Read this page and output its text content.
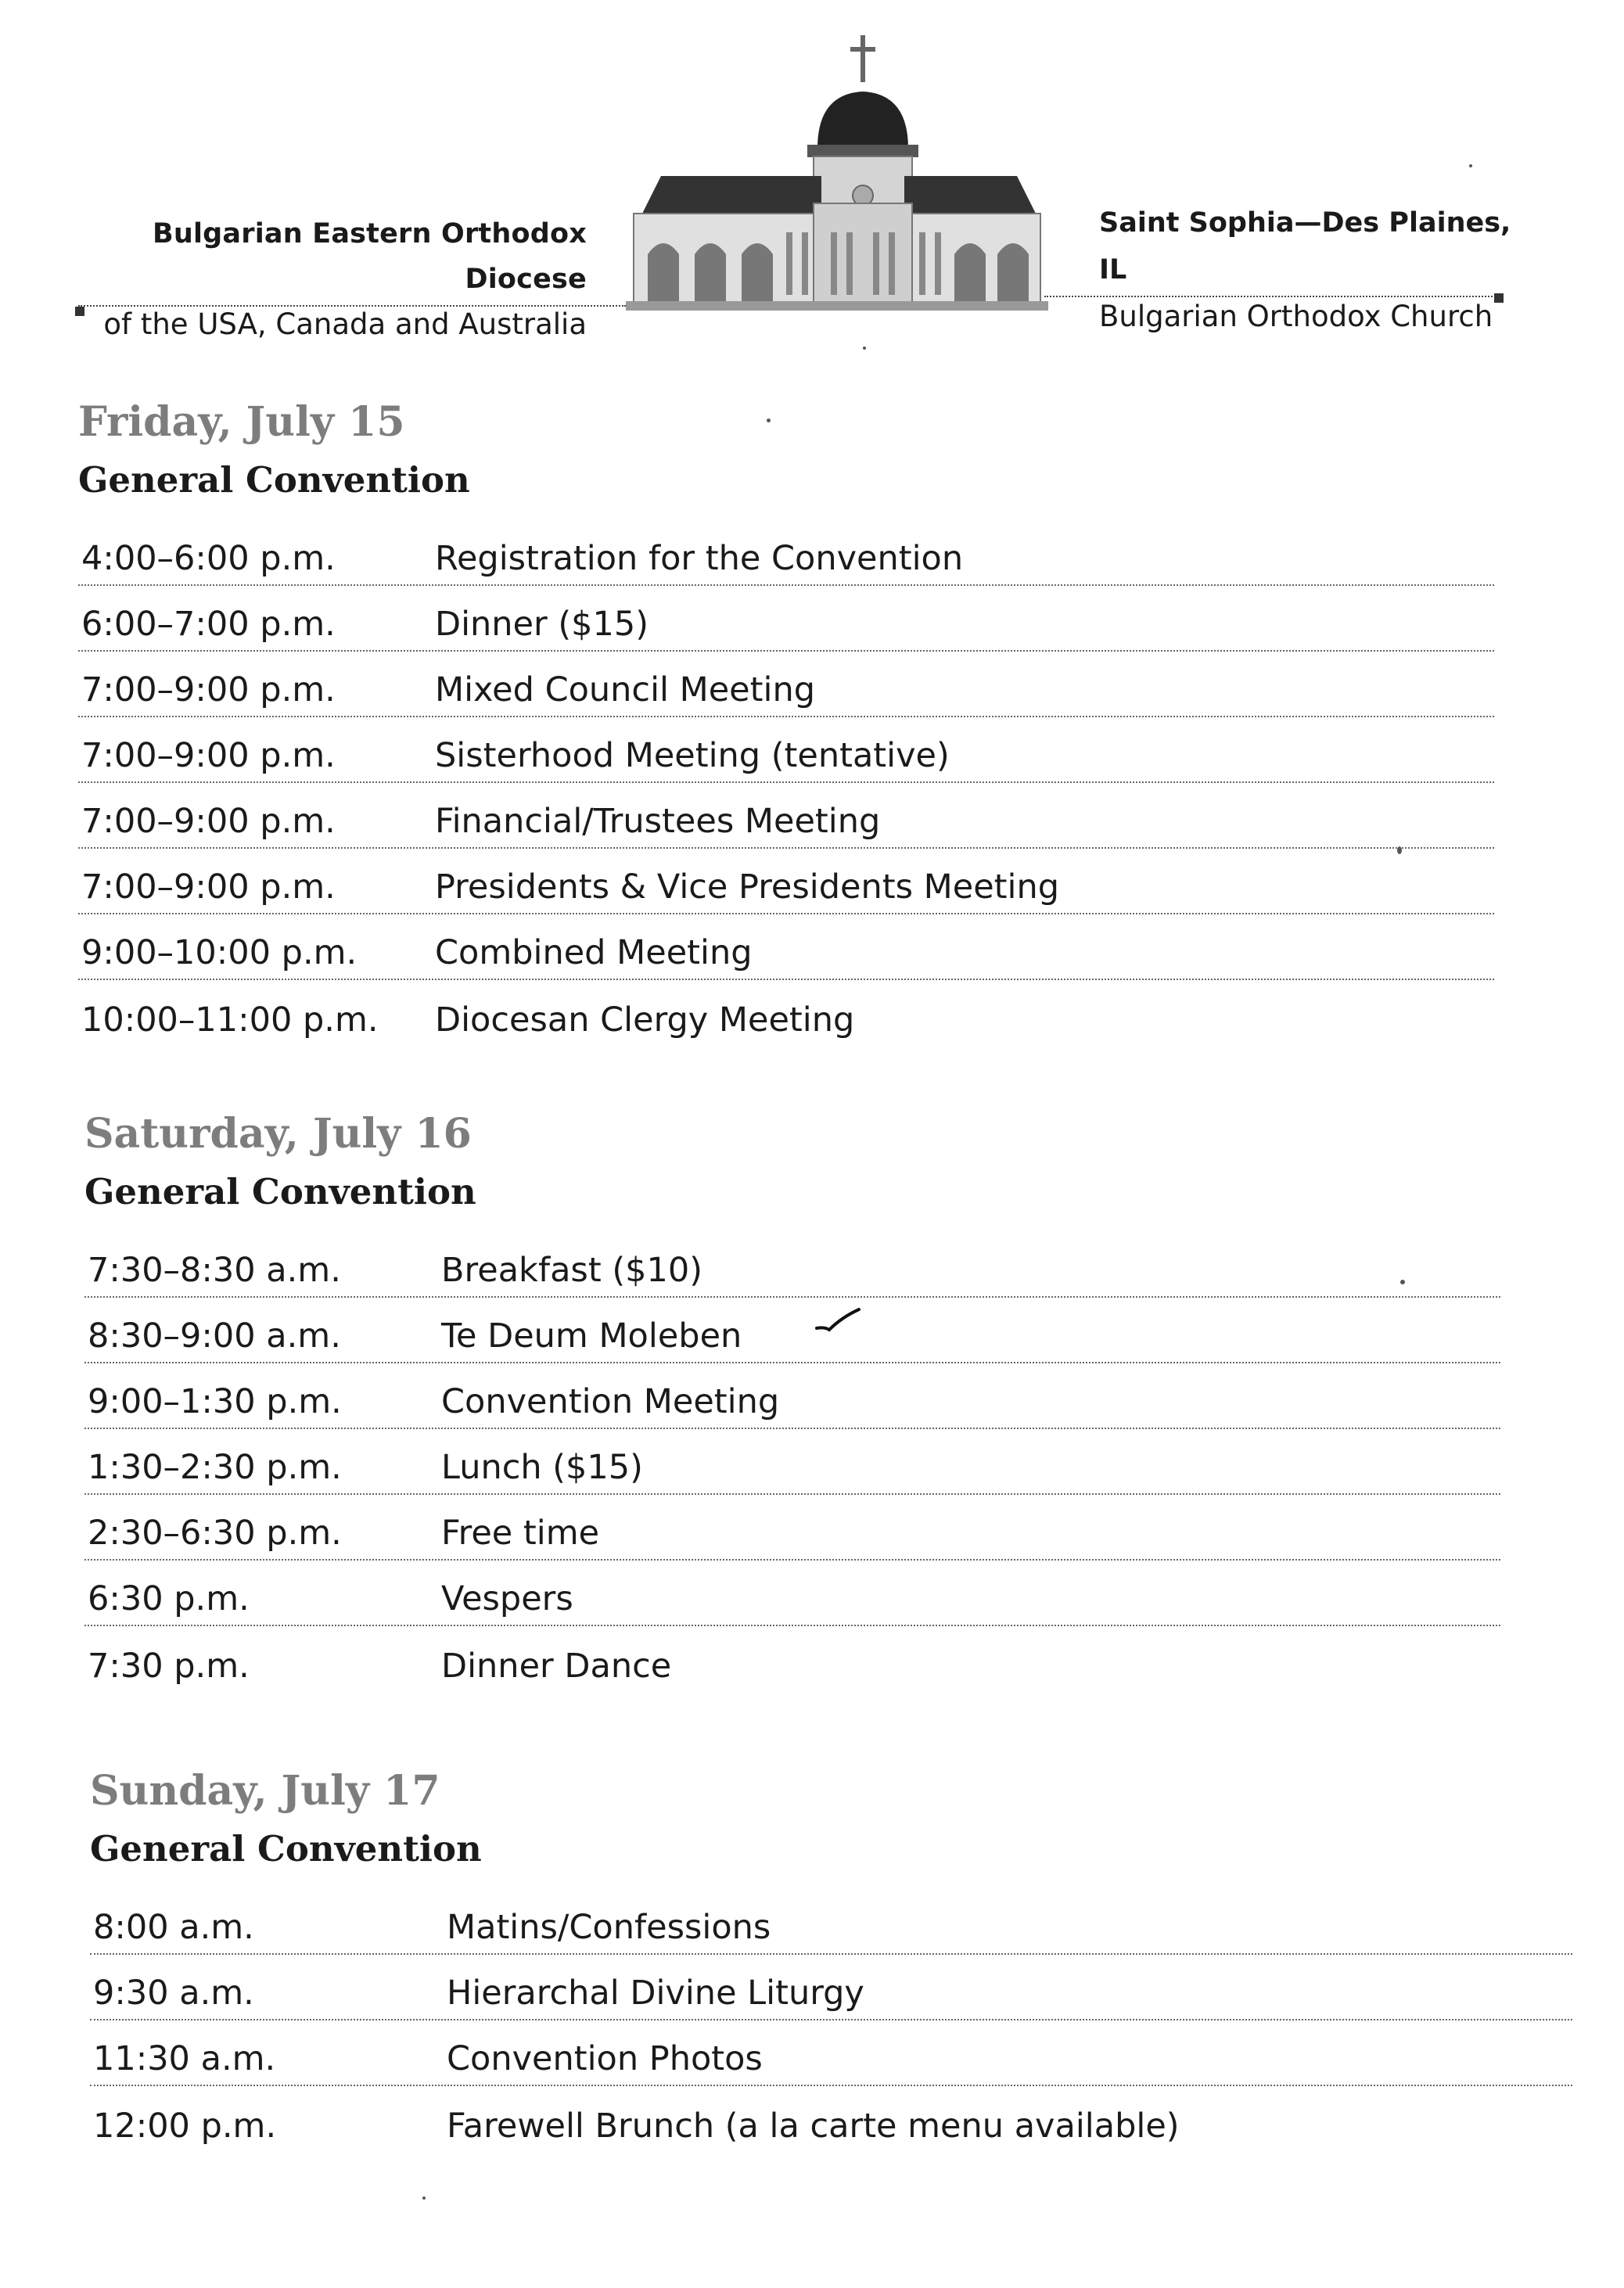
Bulgarian Eastern Orthodox Diocese
of the USA, Canada and Australia
Saint Sophia—Des Plaines, IL
Bulgarian Orthodox Church
Friday, July 15
General Convention
4:00–6:00 p.m.	Registration for the Convention
6:00–7:00 p.m.	Dinner ($15)
7:00–9:00 p.m.	Mixed Council Meeting
7:00–9:00 p.m.	Sisterhood Meeting (tentative)
7:00–9:00 p.m.	Financial/Trustees Meeting
7:00–9:00 p.m.	Presidents & Vice Presidents Meeting
9:00–10:00 p.m.	Combined Meeting
10:00–11:00 p.m.	Diocesan Clergy Meeting
Saturday, July 16
General Convention
7:30–8:30 a.m.	Breakfast ($10)
8:30–9:00 a.m.	Te Deum Moleben
9:00–1:30 p.m.	Convention Meeting
1:30–2:30 p.m.	Lunch ($15)
2:30–6:30 p.m.	Free time
6:30 p.m.	Vespers
7:30 p.m.	Dinner Dance
Sunday, July 17
General Convention
8:00 a.m.	Matins/Confessions
9:30 a.m.	Hierarchal Divine Liturgy
11:30 a.m.	Convention Photos
12:00 p.m.	Farewell Brunch (a la carte menu available)
